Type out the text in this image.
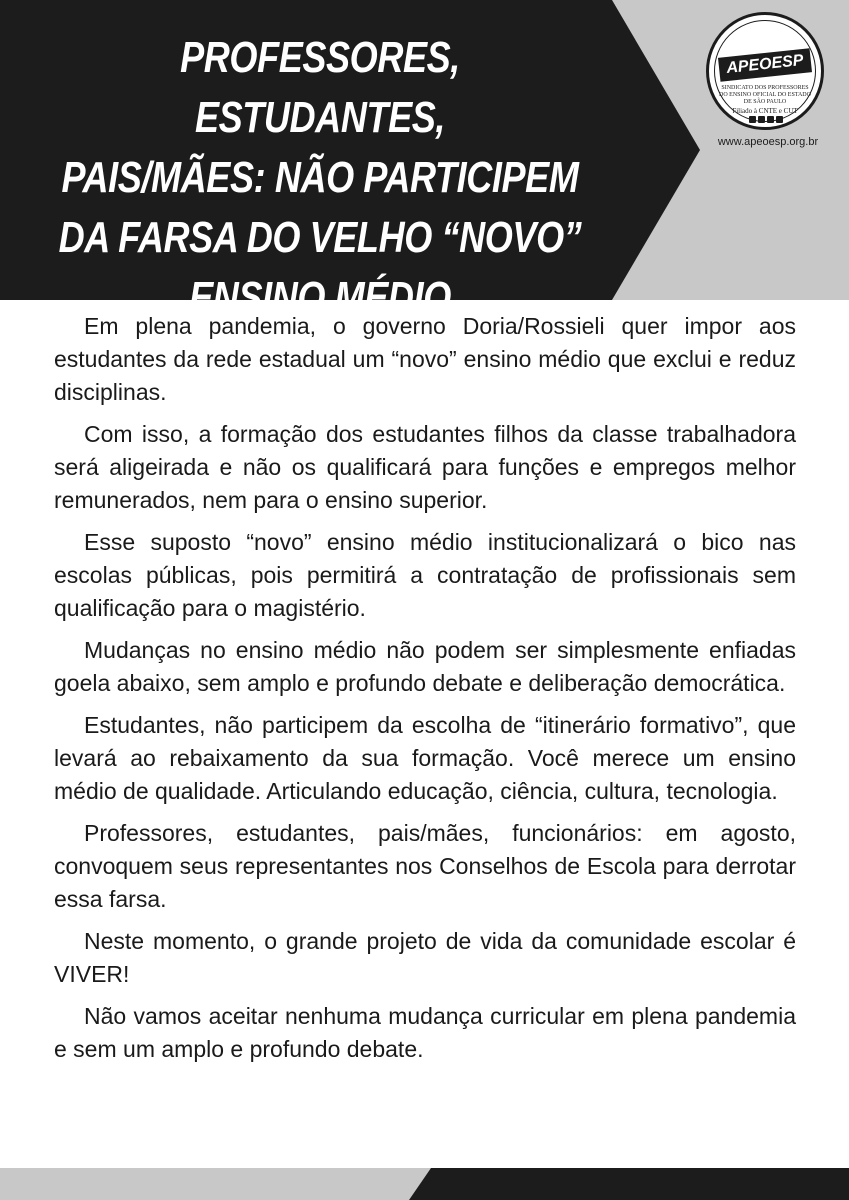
PROFESSORES, ESTUDANTES,
PAIS/MÃES: NÃO PARTICIPEM
DA FARSA DO VELHO “NOVO”
ENSINO MÉDIO
APEOESP
SINDICATO DOS PROFESSORES DO ENSINO OFICIAL DO ESTADO DE SÃO PAULO
Filiado à CNTE e CUT
www.apeoesp.org.br

Em plena pandemia, o governo Doria/Rossieli quer impor aos estudantes da rede estadual um “novo” ensino médio que exclui e reduz disciplinas.

Com isso, a formação dos estudantes filhos da classe trabalhadora será aligeirada e não os qualificará para funções e empregos melhor remunerados, nem para o ensino superior.

Esse suposto “novo” ensino médio institucionalizará o bico nas escolas públicas, pois permitirá a contratação de profissionais sem qualificação para o magistério.

Mudanças no ensino médio não podem ser simplesmente enfiadas goela abaixo, sem amplo e profundo debate e deliberação democrática.

Estudantes, não participem da escolha de “itinerário formativo”, que levará ao rebaixamento da sua formação. Você merece um ensino médio de qualidade. Articulando educação, ciência, cultura, tecnologia.

Professores, estudantes, pais/mães, funcionários: em agosto, convoquem seus representantes nos Conselhos de Escola para derrotar essa farsa.

Neste momento, o grande projeto de vida da comunidade escolar é VIVER!

Não vamos aceitar nenhuma mudança curricular em plena pandemia e sem um amplo e profundo debate.
